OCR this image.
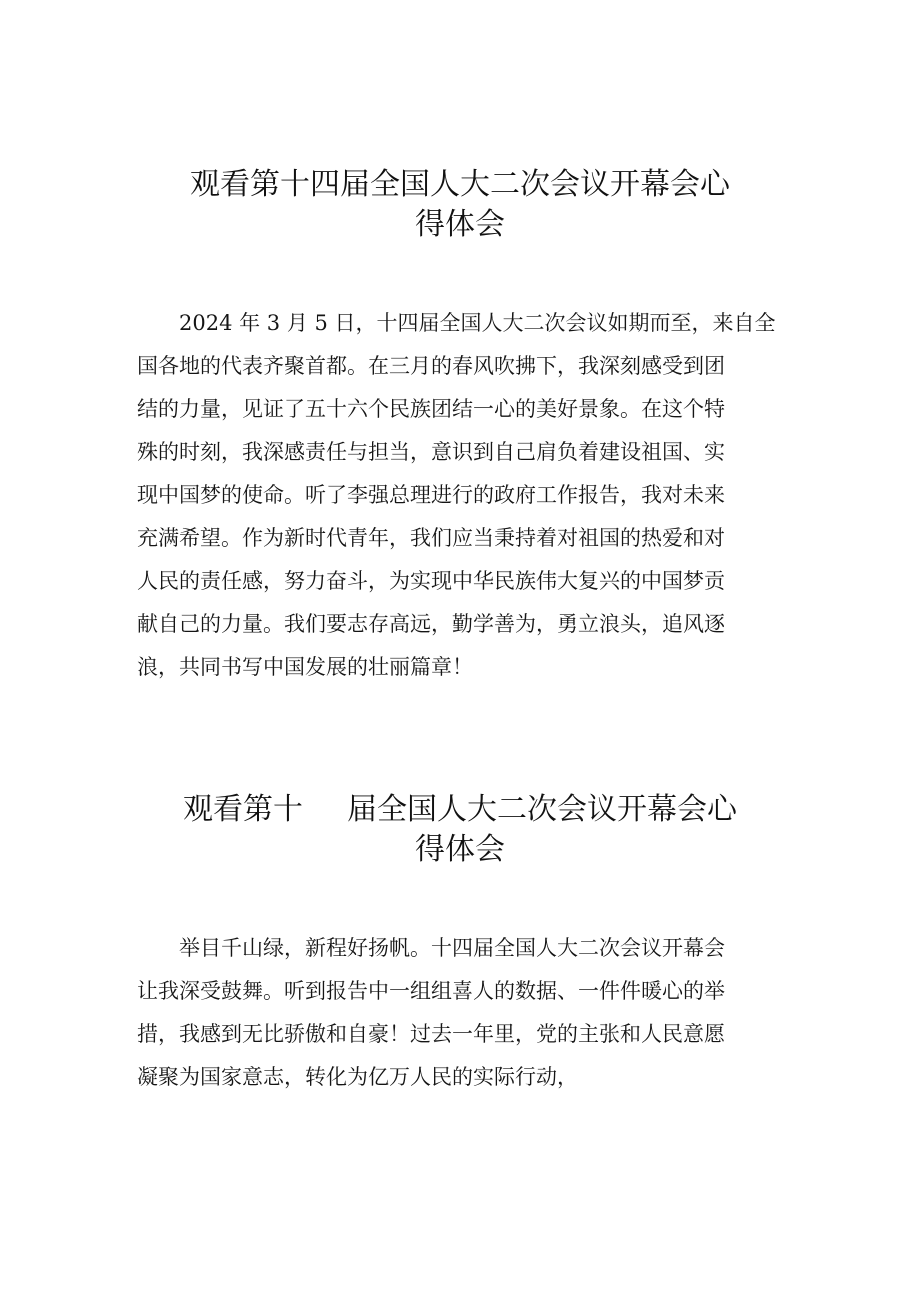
观看第十四届全国人大二次会议开幕会心
得体会
2024 年 3 月 5 日，十四届全国人大二次会议如期而至，来自全
国各地的代表齐聚首都。在三月的春风吹拂下，我深刻感受到团
结的力量，见证了五十六个民族团结一心的美好景象。在这个特
殊的时刻，我深感责任与担当，意识到自己肩负着建设祖国、实
现中国梦的使命。听了李强总理进行的政府工作报告，我对未来
充满希望。作为新时代青年，我们应当秉持着对祖国的热爱和对
人民的责任感，努力奋斗，为实现中华民族伟大复兴的中国梦贡
献自己的力量。我们要志存高远，勤学善为，勇立浪头，追风逐
浪，共同书写中国发展的壮丽篇章！
观看第十 届全国人大二次会议开幕会心
得体会
举目千山绿，新程好扬帆。十四届全国人大二次会议开幕会
让我深受鼓舞。听到报告中一组组喜人的数据、一件件暖心的举
措，我感到无比骄傲和自豪！过去一年里，党的主张和人民意愿
凝聚为国家意志，转化为亿万人民的实际行动，
